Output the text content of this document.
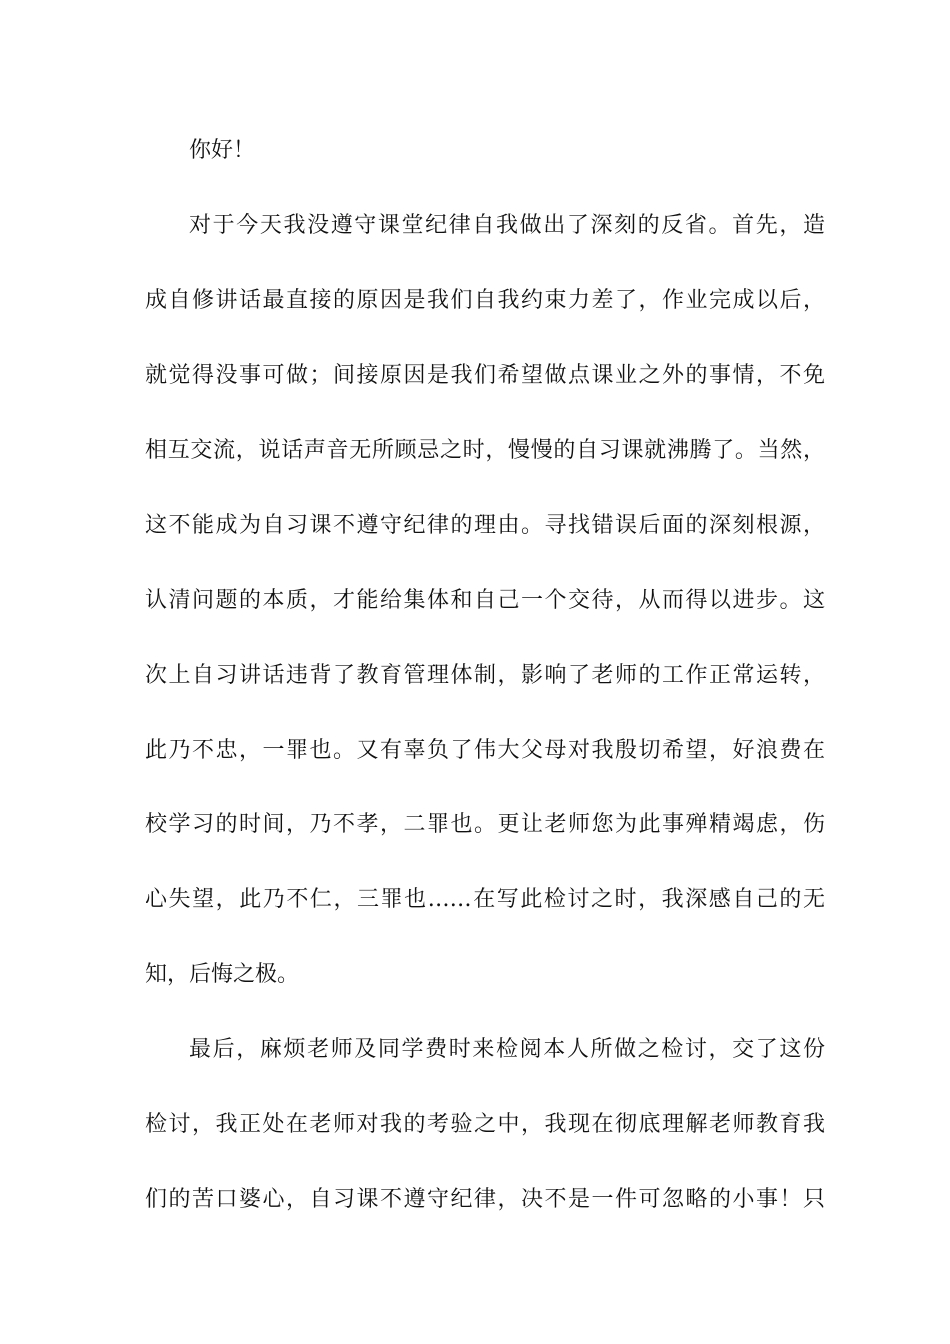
你好！
对于今天我没遵守课堂纪律自我做出了深刻的反省。首先，造
成自修讲话最直接的原因是我们自我约束力差了，作业完成以后，
就觉得没事可做；间接原因是我们希望做点课业之外的事情，不免
相互交流，说话声音无所顾忌之时，慢慢的自习课就沸腾了。当然，
这不能成为自习课不遵守纪律的理由。寻找错误后面的深刻根源，
认清问题的本质，才能给集体和自己一个交待，从而得以进步。这
次上自习讲话违背了教育管理体制，影响了老师的工作正常运转，
此乃不忠，一罪也。又有辜负了伟大父母对我殷切希望，好浪费在
校学习的时间，乃不孝，二罪也。更让老师您为此事殚精竭虑，伤
心失望，此乃不仁，三罪也……在写此检讨之时，我深感自己的无
知，后悔之极。
最后，麻烦老师及同学费时来检阅本人所做之检讨，交了这份
检讨，我正处在老师对我的考验之中，我现在彻底理解老师教育我
们的苦口婆心，自习课不遵守纪律，决不是一件可忽略的小事！只
